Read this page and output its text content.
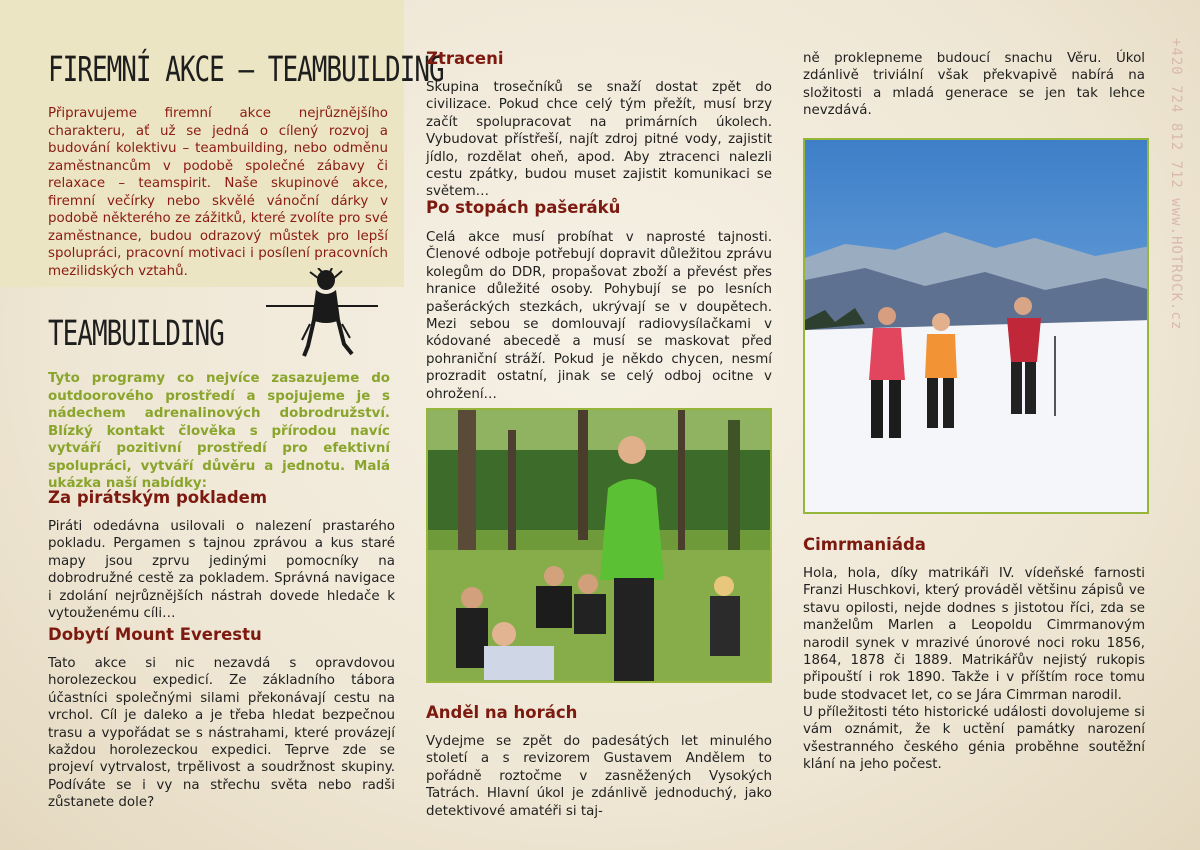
FIREMNÍ AKCE – TEAMBUILDING

Připravujeme firemní akce nejrůznějšího charakteru, ať už se jedná o cílený rozvoj a budování kolektivu – teambuilding, nebo odměnu zaměstnancům v podobě společné zábavy či relaxace – teamspirit. Naše skupinové akce, firemní večírky nebo skvělé vánoční dárky v podobě některého ze zážitků, které zvolíte pro své zaměstnance, budou odrazový můstek pro lepší spolupráci, pracovní motivaci i posílení pracovních mezilidských vztahů.

TEAMBUILDING

Tyto programy co nejvíce zasazujeme do outdoorového prostředí a spojujeme je s nádechem adrenalinových dobrodružství. Blízký kontakt člověka s přírodou navíc vytváří pozitivní prostředí pro efektivní spolupráci, vytváří důvěru a jednotu. Malá ukázka naší nabídky:

Za pirátským pokladem

Piráti odedávna usilovali o nalezení prastarého pokladu. Pergamen s tajnou zprávou a kus staré mapy jsou zprvu jedinými pomocníky na dobrodružné cestě za pokladem. Správná navigace i zdolání nejrůznějších nástrah dovede hledače k vytouženému cíli…

Dobytí Mount Everestu

Tato akce si nic nezavdá s opravdovou horolezeckou expedicí. Ze základního tábora účastníci společnými silami překonávají cestu na vrchol. Cíl je daleko a je třeba hledat bezpečnou trasu a vypořádat se s nástrahami, které provázejí každou horolezeckou expedici. Teprve zde se projeví vytrvalost, trpělivost a soudržnost skupiny. Podíváte se i vy na střechu světa nebo radši zůstanete dole?

Ztraceni

Skupina trosečníků se snaží dostat zpět do civilizace. Pokud chce celý tým přežít, musí brzy začít spolupracovat na primárních úkolech. Vybudovat přístřeší, najít zdroj pitné vody, zajistit jídlo, rozdělat oheň, apod. Aby ztracenci nalezli cestu zpátky, budou muset zajistit komunikaci se světem…

Po stopách pašeráků

Celá akce musí probíhat v naprosté tajnosti. Členové odboje potřebují dopravit důležitou zprávu kolegům do DDR, propašovat zboží a převést přes hranice důležité osoby. Pohybují se po lesních pašeráckých stezkách, ukrývají se v doupětech. Mezi sebou se domlouvají radiovysílačkami v kódované abecedě a musí se maskovat před pohraniční stráží. Pokud je někdo chycen, nesmí prozradit ostatní, jinak se celý odboj ocitne v ohrožení…

Anděl na horách

Vydejme se zpět do padesátých let minulého století a s revizorem Gustavem Andělem to pořádně roztočme v zasněžených Vysokých Tatrách. Hlavní úkol je zdánlivě jednoduchý, jako detektivové amatéři si taj-

ně proklepneme budoucí snachu Věru. Úkol zdánlivě triviální však překvapivě nabírá na složitosti a mladá generace se jen tak lehce nevzdává.

Cimrmaniáda

Hola, hola, díky matrikáři IV. vídeňské farnosti Franzi Huschkovi, který prováděl většinu zápisů ve stavu opilosti, nejde dodnes s jistotou říci, zda se manželům Marlen a Leopoldu Cimrmanovým narodil synek v mrazivé únorové noci roku 1856, 1864, 1878 či 1889. Matrikářův nejistý rukopis připouští i rok 1890. Takže i v příštím roce tomu bude stodvacet let, co se Jára Cimrman narodil.

U příležitosti této historické události dovolujeme si vám oznámit, že k uctění památky narození všestranného českého génia proběhne soutěžní klání na jeho počest.

+420 724 812 712 www.HOTROCK.cz
